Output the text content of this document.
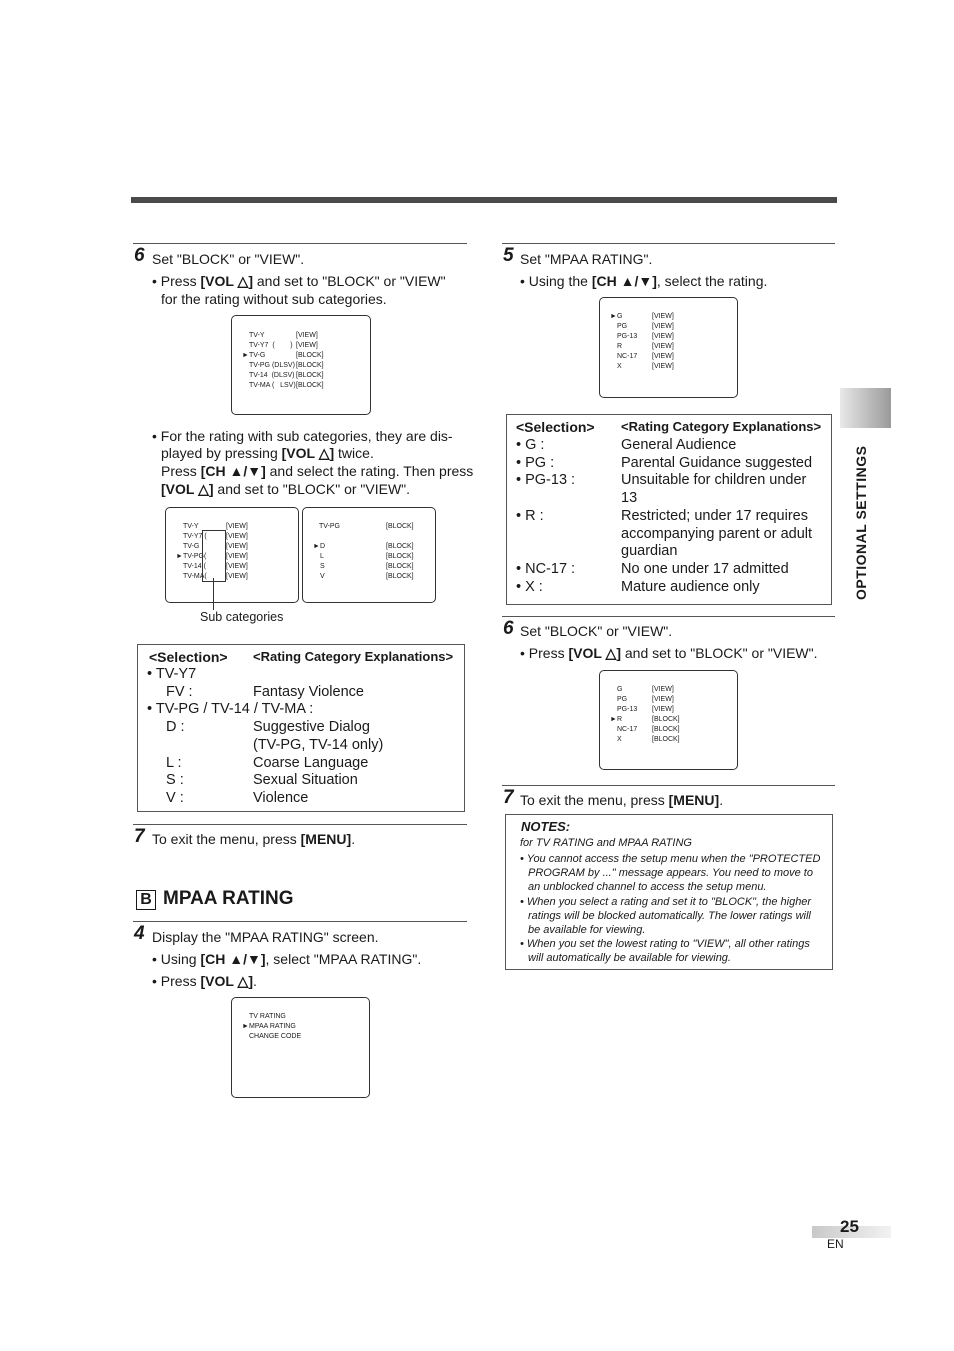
OPTIONAL SETTINGS
6 Set "BLOCK" or "VIEW".
• Press [VOL △] and set to "BLOCK" or "VIEW"
for the rating without sub categories.

TV-Y	[VIEW]

TV-Y7  (        ) [VIEW]
► TV-G	[BLOCK]

TV-PG (DLSV) [BLOCK]

TV-14  (DLSV) [BLOCK]

TV-MA (   LSV) [BLOCK]
• For the rating with sub categories, they are dis-
played by pressing [VOL △] twice.
Press [CH ▲/▼] and select the rating. Then press
[VOL △] and set to "BLOCK" or "VIEW".

TV-Y	[VIEW]

TV-Y7 (	[VIEW]

TV-G	[VIEW]
► TV-PG(	[VIEW]

TV-14 (	[VIEW]

TV-MA(	[VIEW]
TV-PG	[BLOCK]
► D	[BLOCK]

L	[BLOCK]

S	[BLOCK]

V	[BLOCK]
Sub categories
<Selection> <Rating Category Explanations>
• TV-Y7
FV :	Fantasy Violence
• TV-PG / TV-14 / TV-MA :
D :	Suggestive Dialog
(TV-PG, TV-14 only)
L :	Coarse Language
S :	Sexual Situation
V :	Violence
7 To exit the menu, press [MENU].
B MPAA RATING
4 Display the "MPAA RATING" screen.
• Using [CH ▲/▼], select "MPAA RATING".
• Press [VOL △].

TV RATING
► MPAA RATING

CHANGE CODE
5 Set "MPAA RATING".
• Using the [CH ▲/▼], select the rating.
► G	[VIEW]

PG	[VIEW]

PG-13 [VIEW]

R	[VIEW]

NC-17 [VIEW]

X	[VIEW]
<Selection> <Rating Category Explanations>
• G :	General Audience
• PG :	Parental Guidance suggested
• PG-13 :	Unsuitable for children under
13
• R :	Restricted; under 17 requires
accompanying parent or adult
guardian
• NC-17 :	No one under 17 admitted
• X :	Mature audience only
6 Set "BLOCK" or "VIEW".
• Press [VOL △] and set to "BLOCK" or "VIEW".

G	[VIEW]

PG	[VIEW]

PG-13 [VIEW]
► R	[BLOCK]

NC-17 [BLOCK]

X	[BLOCK]
7 To exit the menu, press [MENU].
NOTES:
for TV RATING and MPAA RATING
• You cannot access the setup menu when the "PROTECTED
PROGRAM by ..." message appears. You need to move to
an unblocked channel to access the setup menu.
• When you select a rating and set it to "BLOCK", the higher
ratings will be blocked automatically. The lower ratings will
be available for viewing.
• When you set the lowest rating to "VIEW", all other ratings
will automatically be available for viewing.
25
EN
